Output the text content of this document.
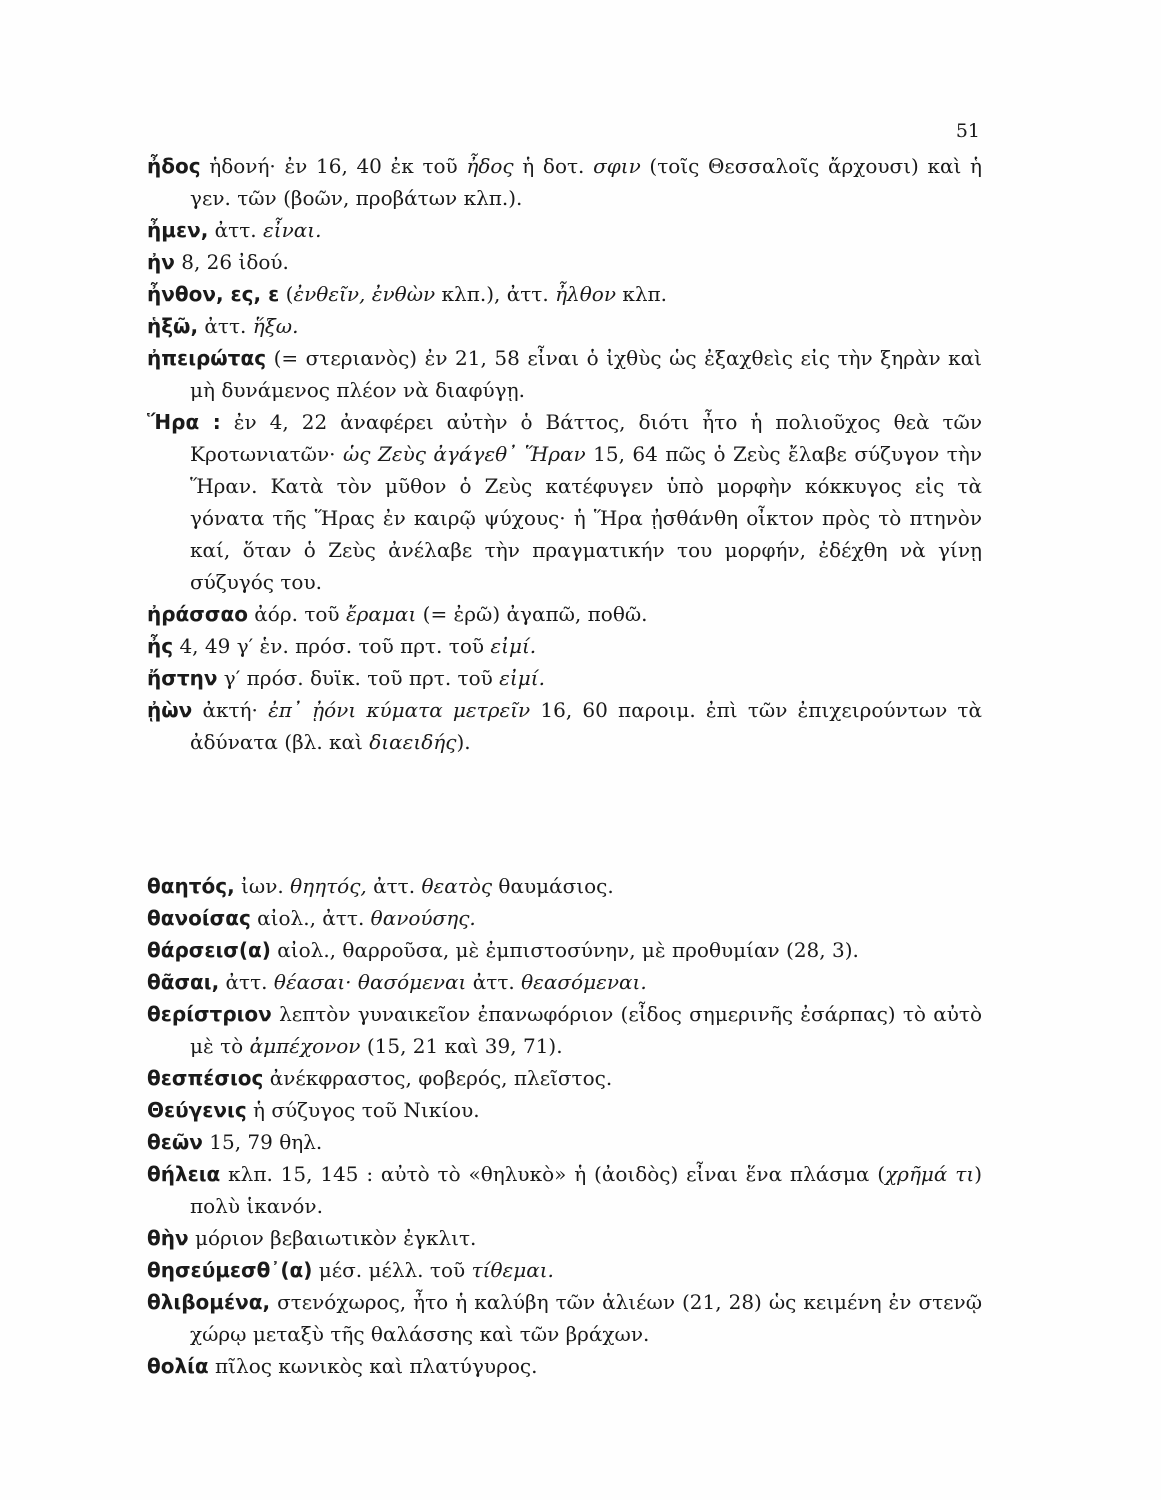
51

ἦδος ἡδονή· ἐν 16, 40 ἐκ τοῦ ἦδος ἡ δοτ. σφιν (τοῖς Θεσσαλοῖς ἄρχουσι) καὶ ἡ γεν. τῶν (βοῶν, προβάτων κλπ.).

ἦμεν, ἀττ. εἶναι.

ἠν 8, 26 ἰδού.

ἦνθον, ες, ε (ἐνθεῖν, ἐνθὼν κλπ.), ἀττ. ἦλθον κλπ.

ἡξῶ, ἀττ. ἥξω.

ἠπειρώτας (= στεριανὸς) ἐν 21, 58 εἶναι ὁ ἰχθὺς ὡς ἐξαχθεὶς εἰς τὴν ξηρὰν καὶ μὴ δυνάμενος πλέον νὰ διαφύγῃ.

Ἥρα : ἐν 4, 22 ἀναφέρει αὐτὴν ὁ Βάττος, διότι ἦτο ἡ πολιοῦχος θεὰ τῶν Κροτωνιατῶν· ὡς Ζεὺς ἀγάγεθ᾽ Ἥραν 15, 64 πῶς ὁ Ζεὺς ἔλαβε σύζυγον τὴν Ἥραν. Κατὰ τὸν μῦθον ὁ Ζεὺς κατέφυγεν ὑπὸ μορφὴν κόκκυγος εἰς τὰ γόνατα τῆς Ἥρας ἐν καιρῷ ψύχους· ἡ Ἥρα ᾐσθάνθη οἶκτον πρὸς τὸ πτηνὸν καί, ὅταν ὁ Ζεὺς ἀνέλαβε τὴν πραγματικήν του μορφήν, ἐδέχθη νὰ γίνῃ σύζυγός του.

ἠράσσαο ἀόρ. τοῦ ἔραμαι (= ἐρῶ) ἀγαπῶ, ποθῶ.

ἦς 4, 49 γ′ ἑν. πρόσ. τοῦ πρτ. τοῦ εἰμί.

ἤστην γ′ πρόσ. δυϊκ. τοῦ πρτ. τοῦ εἰμί.

ᾐὼν ἀκτή· ἐπ᾽ ᾐόνι κύματα μετρεῖν 16, 60 παροιμ. ἐπὶ τῶν ἐπιχειρούντων τὰ ἀδύνατα (βλ. καὶ διαειδής).

θαητός, ἰων. θηητός, ἀττ. θεατὸς θαυμάσιος.

θανοίσας αἰολ., ἀττ. θανούσης.

θάρσεισ(α) αἰολ., θαρροῦσα, μὲ ἐμπιστοσύνην, μὲ προθυμίαν (28, 3).

θᾶσαι, ἀττ. θέασαι· θασόμεναι ἀττ. θεασόμεναι.

θερίστριον λεπτὸν γυναικεῖον ἐπανωφόριον (εἶδος σημερινῆς ἐσάρπας) τὸ αὐτὸ μὲ τὸ ἀμπέχονον (15, 21 καὶ 39, 71).

θεσπέσιος ἀνέκφραστος, φοβερός, πλεῖστος.

Θεύγενις ἡ σύζυγος τοῦ Νικίου.

θεῶν 15, 79 θηλ.

θήλεια κλπ. 15, 145 : αὐτὸ τὸ «θηλυκὸ» ἡ (ἀοιδὸς) εἶναι ἕνα πλάσμα (χρῆμά τι) πολὺ ἱκανόν.

θὴν μόριον βεβαιωτικὸν ἐγκλιτ.

θησεύμεσθ᾽(α) μέσ. μέλλ. τοῦ τίθεμαι.

θλιβομένα, στενόχωρος, ἦτο ἡ καλύβη τῶν ἁλιέων (21, 28) ὡς κειμένη ἐν στενῷ χώρῳ μεταξὺ τῆς θαλάσσης καὶ τῶν βράχων.

θολία πῖλος κωνικὸς καὶ πλατύγυρος.
